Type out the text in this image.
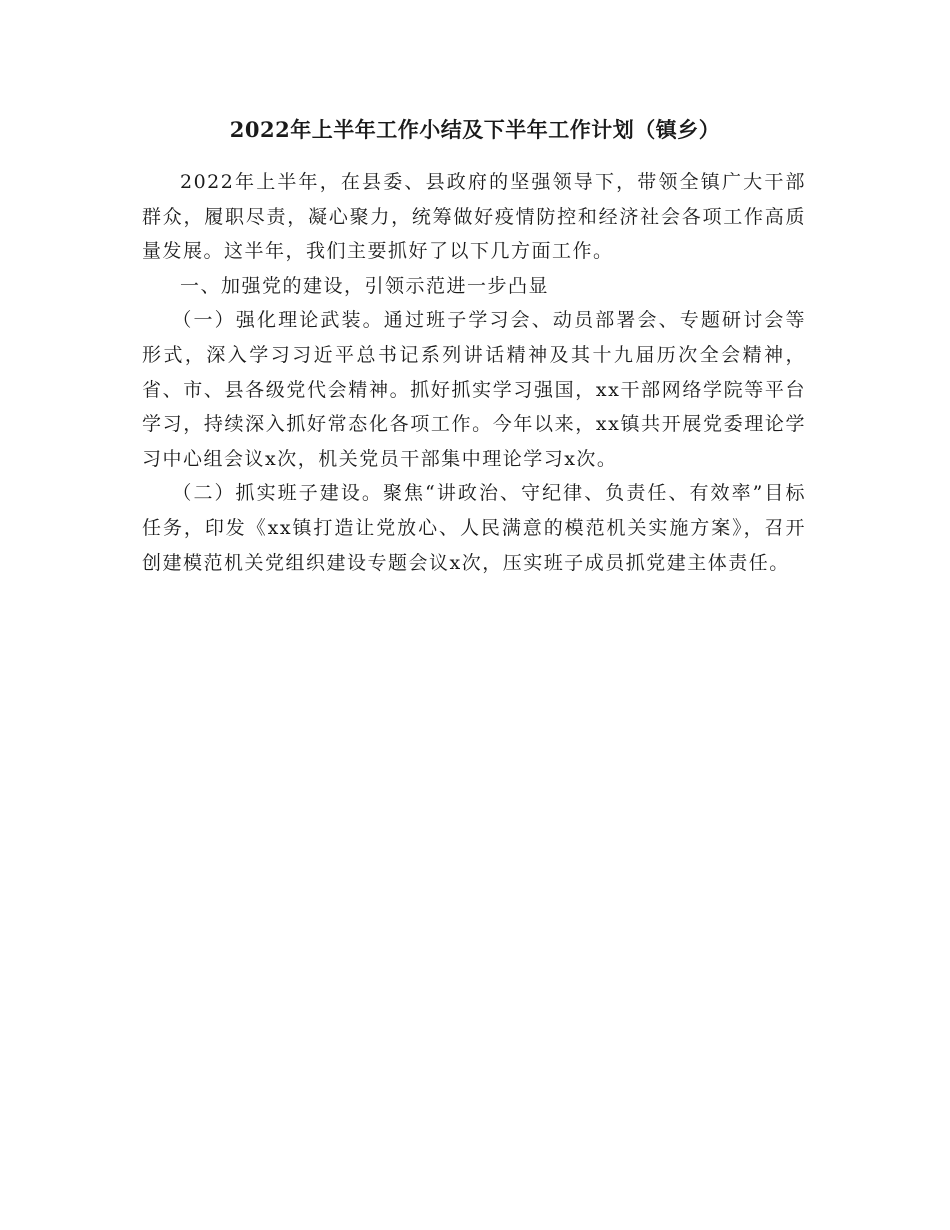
2022年上半年工作小结及下半年工作计划（镇乡）

2022年上半年，在县委、县政府的坚强领导下，带领全镇广大干部群众，履职尽责，凝心聚力，统筹做好疫情防控和经济社会各项工作高质量发展。这半年，我们主要抓好了以下几方面工作。

一、加强党的建设，引领示范进一步凸显

（一）强化理论武装。通过班子学习会、动员部署会、专题研讨会等形式，深入学习习近平总书记系列讲话精神及其十九届历次全会精神，省、市、县各级党代会精神。抓好抓实学习强国，xx干部网络学院等平台学习，持续深入抓好常态化各项工作。今年以来，xx镇共开展党委理论学习中心组会议x次，机关党员干部集中理论学习x次。

（二）抓实班子建设。聚焦“讲政治、守纪律、负责任、有效率”目标任务，印发《xx镇打造让党放心、人民满意的模范机关实施方案》，召开创建模范机关党组织建设专题会议x次，压实班子成员抓党建主体责任。
